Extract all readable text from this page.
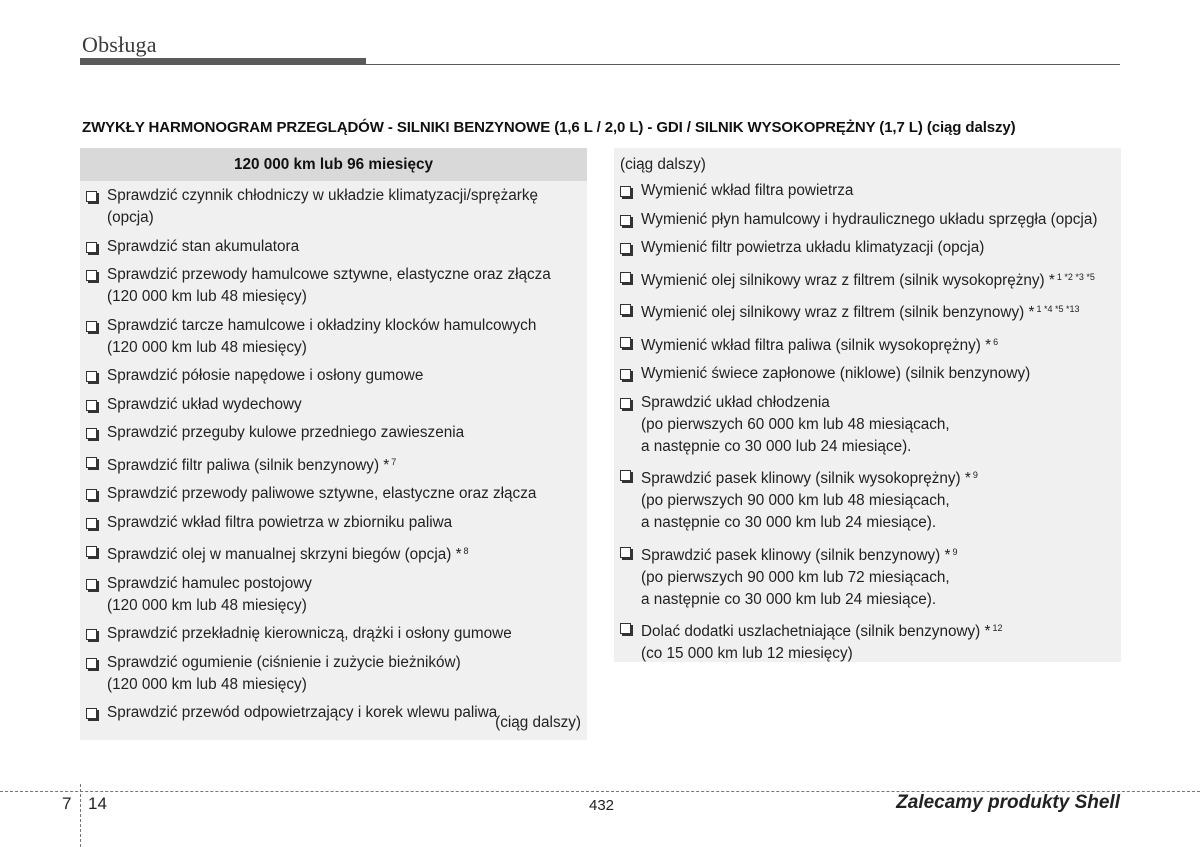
Obsługa
ZWYKŁY HARMONOGRAM PRZEGLĄDÓW - SILNIKI BENZYNOWE (1,6 L / 2,0 L) - GDI / SILNIK WYSOKOPRĘŻNY (1,7 L) (ciąg dalszy)
120 000 km lub 96 miesięcy
Sprawdzić czynnik chłodniczy w układzie klimatyzacji/sprężarkę (opcja)
Sprawdzić stan akumulatora
Sprawdzić przewody hamulcowe sztywne, elastyczne oraz złącza
(120 000 km lub 48 miesięcy)
Sprawdzić tarcze hamulcowe i okładziny klocków hamulcowych
(120 000 km lub 48 miesięcy)
Sprawdzić półosie napędowe i osłony gumowe
Sprawdzić układ wydechowy
Sprawdzić przeguby kulowe przedniego zawieszenia
Sprawdzić filtr paliwa (silnik benzynowy) * $^7$
Sprawdzić przewody paliwowe sztywne, elastyczne oraz złącza
Sprawdzić wkład filtra powietrza w zbiorniku paliwa
Sprawdzić olej w manualnej skrzyni biegów (opcja) * $^8$
Sprawdzić hamulec postojowy
(120 000 km lub 48 miesięcy)
Sprawdzić przekładnię kierowniczą, drążki i osłony gumowe
Sprawdzić ogumienie (ciśnienie i zużycie bieżników)
(120 000 km lub 48 miesięcy)
Sprawdzić przewód odpowietrzający i korek wlewu paliwa
(ciąg dalszy)
(ciąg dalszy)
Wymienić wkład filtra powietrza
Wymienić płyn hamulcowy i hydraulicznego układu sprzęgła (opcja)
Wymienić filtr powietrza układu klimatyzacji (opcja)
Wymienić olej silnikowy wraz z filtrem (silnik wysokoprężny) * $^{1 *2 *3 *5}$
Wymienić olej silnikowy wraz z filtrem (silnik benzynowy) * $^{1 *4 *5 *13}$
Wymienić wkład filtra paliwa (silnik wysokoprężny) * $^6$
Wymienić świece zapłonowe (niklowe) (silnik benzynowy)
Sprawdzić układ chłodzenia
(po pierwszych 60 000 km lub 48 miesiącach,
a następnie co 30 000 lub 24 miesiące).
Sprawdzić pasek klinowy (silnik wysokoprężny) * $^9$
(po pierwszych 90 000 km lub 48 miesiącach,
a następnie co 30 000 km lub 24 miesiące).
Sprawdzić pasek klinowy (silnik benzynowy) * $^9$
(po pierwszych 90 000 km lub 72 miesiącach,
a następnie co 30 000 km lub 24 miesiące).
Dolać dodatki uszlachetniające (silnik benzynowy) * $^{12}$
(co 15 000 km lub 12 miesięcy)
7 14	432	Zalecamy produkty Shell
